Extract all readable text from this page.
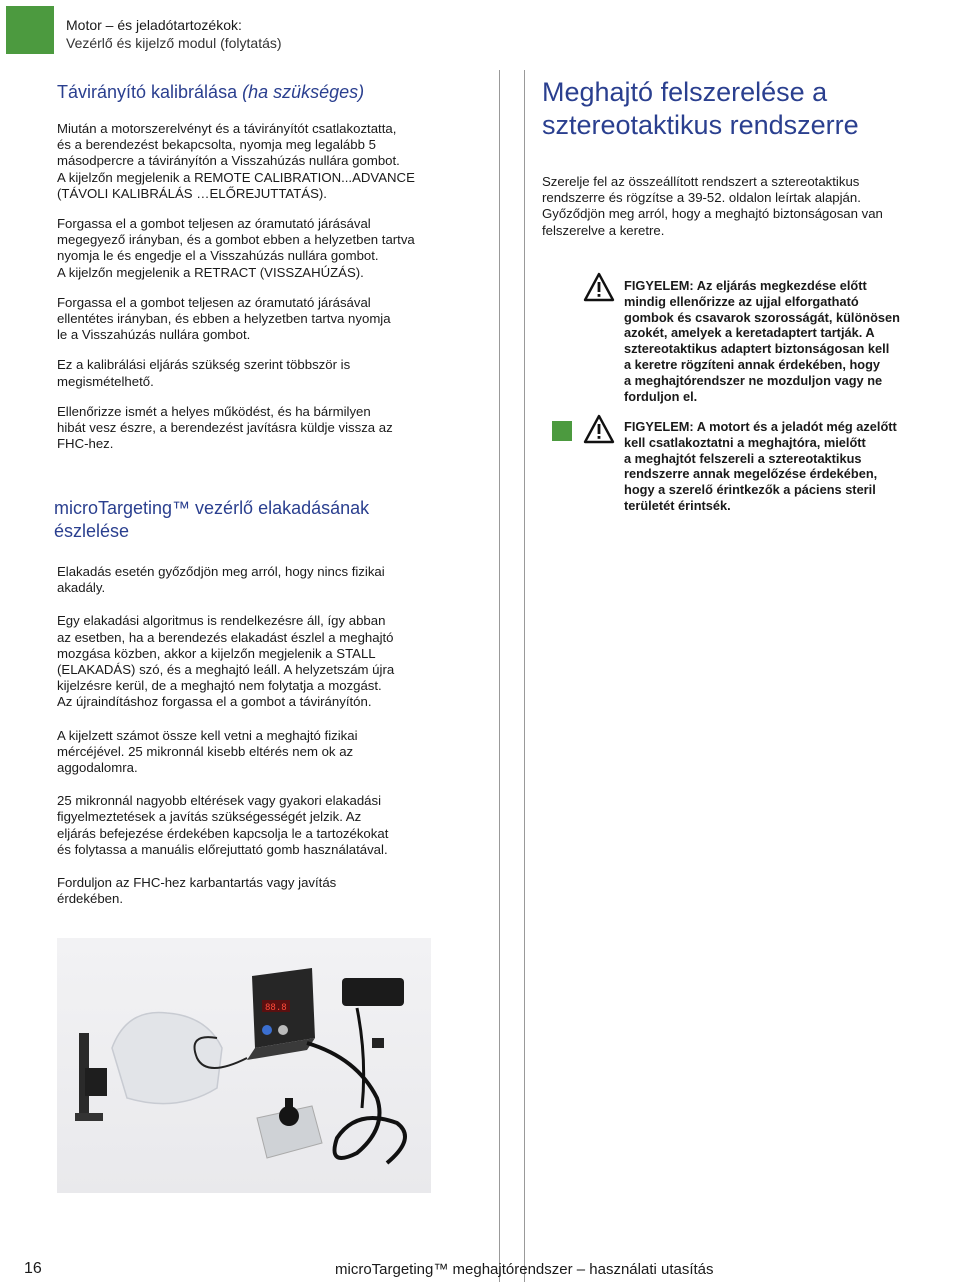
Motor – és jeladótartozékok:
Vezérlő és kijelző modul (folytatás)
Távirányító kalibrálása (ha szükséges)

Miután a motorszerelvényt és a távirányítót csatlakoztatta,
és a berendezést bekapcsolta, nyomja meg legalább 5
másodpercre a távirányítón a Visszahúzás nullára gombot.
A kijelzőn megjelenik a REMOTE CALIBRATION...ADVANCE
(TÁVOLI KALIBRÁLÁS …ELŐREJUTTATÁS).

Forgassa el a gombot teljesen az óramutató járásával
megegyező irányban, és a gombot ebben a helyzetben tartva
nyomja le és engedje el a Visszahúzás nullára gombot.
A kijelzőn megjelenik a RETRACT (VISSZAHÚZÁS).

Forgassa el a gombot teljesen az óramutató járásával
ellentétes irányban, és ebben a helyzetben tartva nyomja
le a Visszahúzás nullára gombot.

Ez a kalibrálási eljárás szükség szerint többször is
megismételhető.

Ellenőrizze ismét a helyes működést, és ha bármilyen
hibát vesz észre, a berendezést javításra küldje vissza az
FHC-hez.

microTargeting™ vezérlő elakadásának
észlelése

Elakadás esetén győződjön meg arról, hogy nincs fizikai
akadály.

Egy elakadási algoritmus is rendelkezésre áll, így abban
az esetben, ha a berendezés elakadást észlel a meghajtó
mozgása közben, akkor a kijelzőn megjelenik a STALL
(ELAKADÁS) szó, és a meghajtó leáll. A helyzetszám újra
kijelzésre kerül, de a meghajtó nem folytatja a mozgást.
Az újraindításhoz forgassa el a gombot a távirányítón.

A kijelzett számot össze kell vetni a meghajtó fizikai
mércéjével. 25 mikronnál kisebb eltérés nem ok az
aggodalomra.

25 mikronnál nagyobb eltérések vagy gyakori elakadási
figyelmeztetések a javítás szükségességét jelzik. Az
eljárás befejezése érdekében kapcsolja le a tartozékokat
és folytassa a manuális előrejuttató gomb használatával.

Forduljon az FHC-hez karbantartás vagy javítás
érdekében.

88.8
Meghajtó felszerelése a
sztereotaktikus rendszerre
Szerelje fel az összeállított rendszert a sztereotaktikus
rendszerre és rögzítse a 39-52. oldalon leírtak alapján.
Győződjön meg arról, hogy a meghajtó biztonságosan van
felszerelve a keretre.
FIGYELEM: Az eljárás megkezdése előtt
mindig ellenőrizze az ujjal elforgatható
gombok és csavarok szorosságát, különösen
azokét, amelyek a keretadaptert tartják. A
sztereotaktikus adaptert biztonságosan kell
a keretre rögzíteni annak érdekében, hogy
a meghajtórendszer ne mozduljon vagy ne
forduljon el.
FIGYELEM: A motort és a jeladót még azelőtt
kell csatlakoztatni a meghajtóra, mielőtt
a meghajtót felszereli a sztereotaktikus
rendszerre annak megelőzése érdekében,
hogy a szerelő érintkezők a páciens steril
területét érintsék.
16	microTargeting™ meghajtórendszer – használati utasítás
